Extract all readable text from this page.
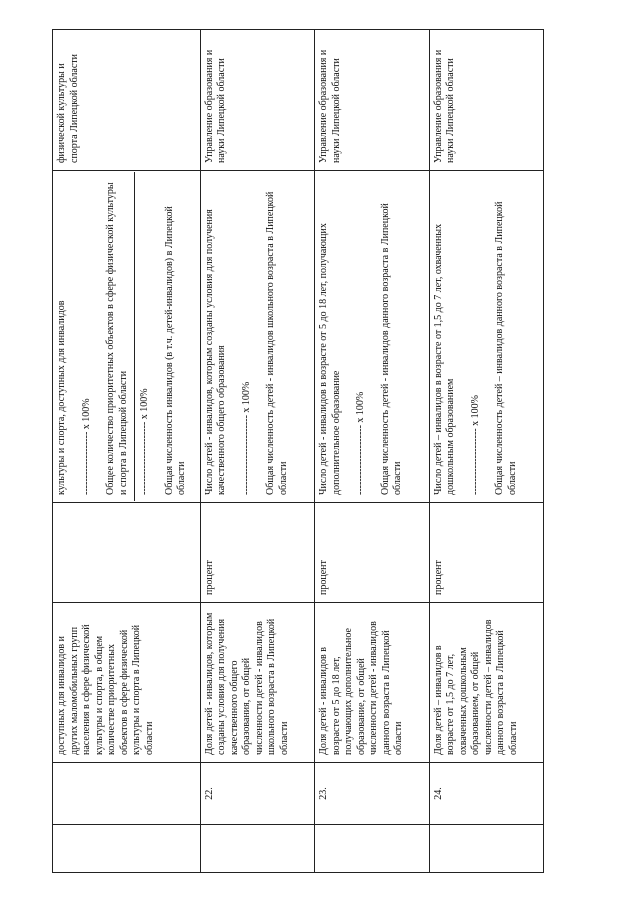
		доступных для инвалидов и других маломобильных групп населения в сфере физической культуры и спорта, в общем количестве приоритетных объектов в сфере физической культуры и спорта в Липецкой области		культуры и спорта, доступных для инвалидов ------------------- х 100% Общее количество приоритетных объектов в сфере физической культуры и спорта в Липецкой области ---------------------- х 100% Общая численность инвалидов (в т.ч. детей-инвалидов) в Липецкой области	физической культуры и спорта Липецкой области
	22.	Доля детей - инвалидов, которым созданы условия для получения качественного общего образования, от общей численности детей - инвалидов школьного возраста в Липецкой области	процент	Число детей - инвалидов, которым созданы условия для получения качественного общего образования ------------------------ х 100% Общая численность детей - инвалидов школьного возраста в Липецкой области	Управление образования и науки Липецкой области
	23.	Доля детей - инвалидов в возрасте от 5 до 18 лет, получающих дополнительное образование, от общей численности детей - инвалидов данного возраста в Липецкой области	процент	Число детей - инвалидов в возрасте от 5 до 18 лет, получающих дополнительное образование --------------------- х 100% Общая численность детей - инвалидов данного возраста в Липецкой области	Управление образования и науки Липецкой области
	24.	Доля детей – инвалидов в возрасте от 1,5 до 7 лет, охваченных дошкольным образованием, от общей численности детей – инвалидов данного возраста в Липецкой области	процент	Число детей – инвалидов в возрасте от 1,5 до 7 лет, охваченных дошкольным образованием -------------------- х 100% Общая численность детей – инвалидов данного возраста в Липецкой области	Управление образования и науки Липецкой области
